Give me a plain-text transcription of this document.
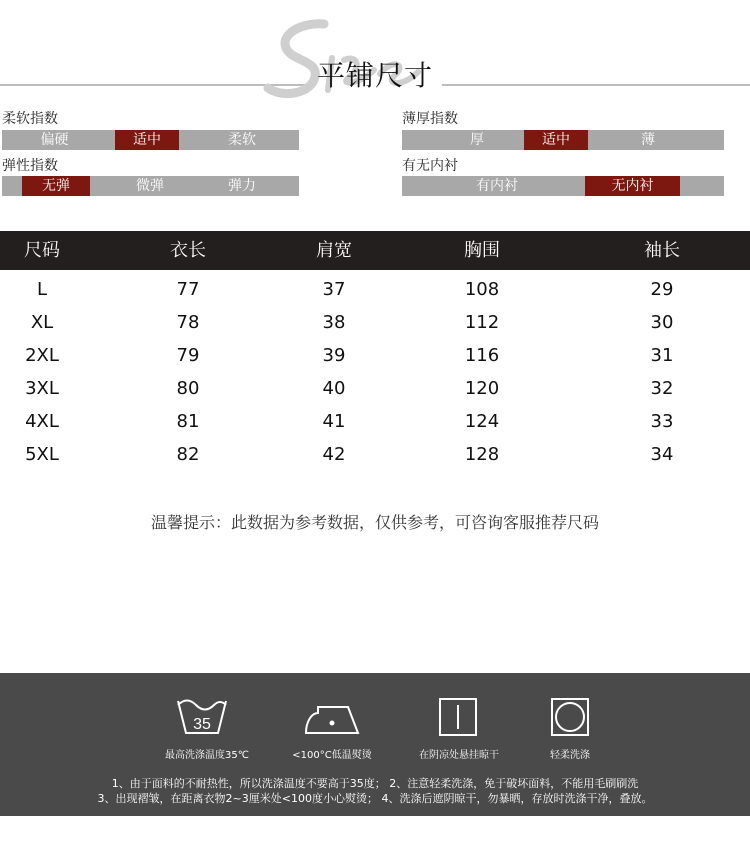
平铺尺寸
柔软指数
偏硬	适中	柔软
薄厚指数
厚	适中	薄
弹性指数
无弹	微弹	弹力
有无内衬
有内衬	无内衬
尺码	衣长	肩宽	胸围	袖长
L	77	37	108	29
XL	78	38	112	30
2XL	79	39	116	31
3XL	80	40	120	32
4XL	81	41	124	33
5XL	82	42	128	34
温馨提示：此数据为参考数据，仅供参考，可咨询客服推荐尺码
35
最高洗涤温度35℃	<100°C低温熨烫	在阴凉处悬挂晾干	轻柔洗涤
1、由于面料的不耐热性，所以洗涤温度不要高于35度； 2、注意轻柔洗涤，免于破坏面料，不能用毛刷刷洗
3、出现褶皱，在距离衣物2~3厘米处<100度小心熨烫； 4、洗涤后遮阴晾干，勿暴晒，存放时洗涤干净，叠放。
